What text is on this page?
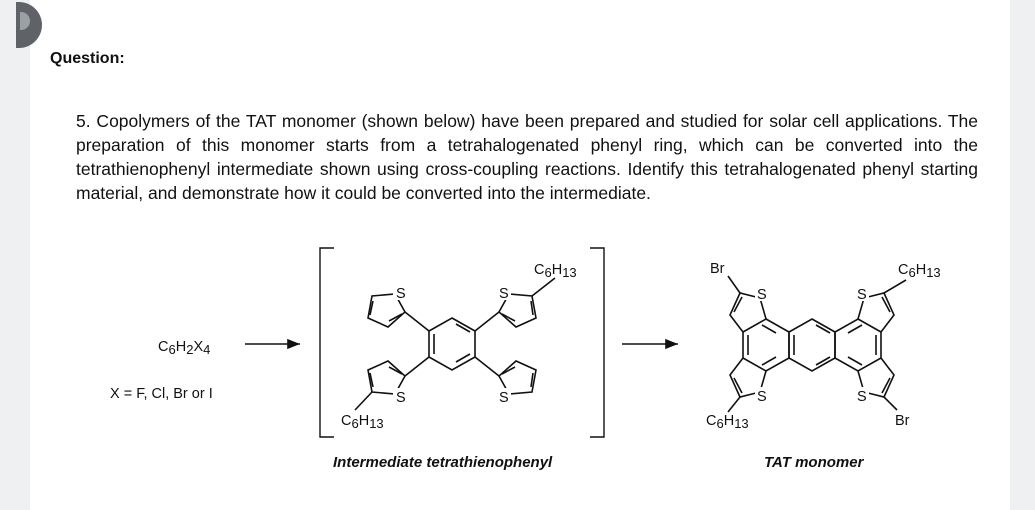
Question:
5. Copolymers of the TAT monomer (shown below) have been prepared and studied for solar cell applications. The preparation of this monomer starts from a tetrahalogenated phenyl ring, which can be converted into the tetrathienophenyl intermediate shown using cross-coupling reactions. Identify this tetrahalogenated phenyl starting material, and demonstrate how it could be converted into the intermediate.
C6H2X4
X = F, Cl, Br or I
S	S
S	S
C6H13
C6H13
Intermediate tetrathienophenyl
S	S
S	S
Br
Br
C6H13
C6H13
TAT monomer
